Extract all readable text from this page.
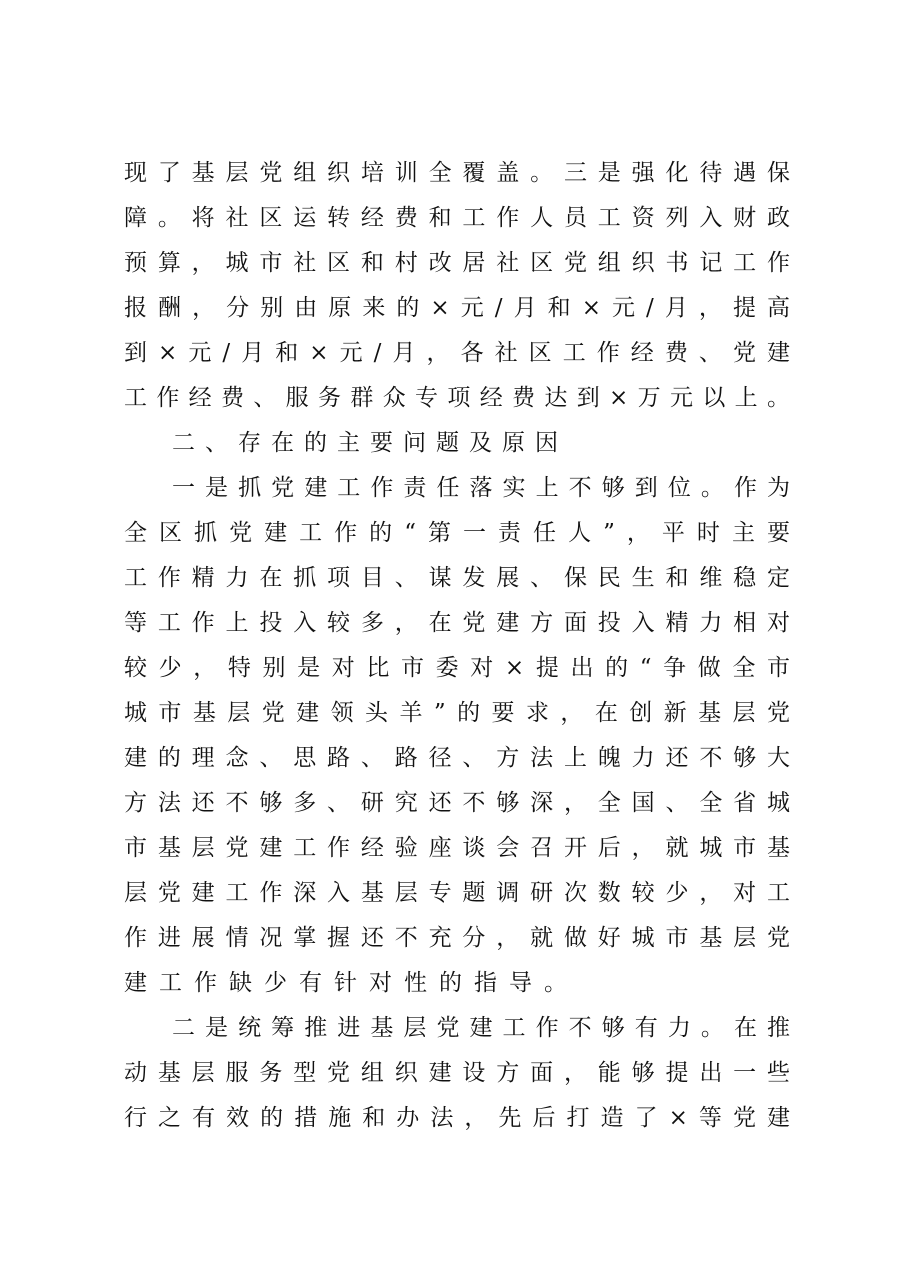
现了基层党组织培训全覆盖。三是强化待遇保
障。将社区运转经费和工作人员工资列入财政
预算，城市社区和村改居社区党组织书记工作
报酬，分别由原来的×元/月和×元/月，提高
到×元/月和×元/月，各社区工作经费、党建
工作经费、服务群众专项经费达到×万元以上。
二、存在的主要问题及原因
一是抓党建工作责任落实上不够到位。作为
全区抓党建工作的“第一责任人”，平时主要
工作精力在抓项目、谋发展、保民生和维稳定
等工作上投入较多，在党建方面投入精力相对
较少，特别是对比市委对×提出的“争做全市
城市基层党建领头羊”的要求，在创新基层党
建的理念、思路、路径、方法上魄力还不够大
方法还不够多、研究还不够深，全国、全省城
市基层党建工作经验座谈会召开后，就城市基
层党建工作深入基层专题调研次数较少，对工
作进展情况掌握还不充分，就做好城市基层党
建工作缺少有针对性的指导。
二是统筹推进基层党建工作不够有力。在推
动基层服务型党组织建设方面，能够提出一些
行之有效的措施和办法，先后打造了×等党建
